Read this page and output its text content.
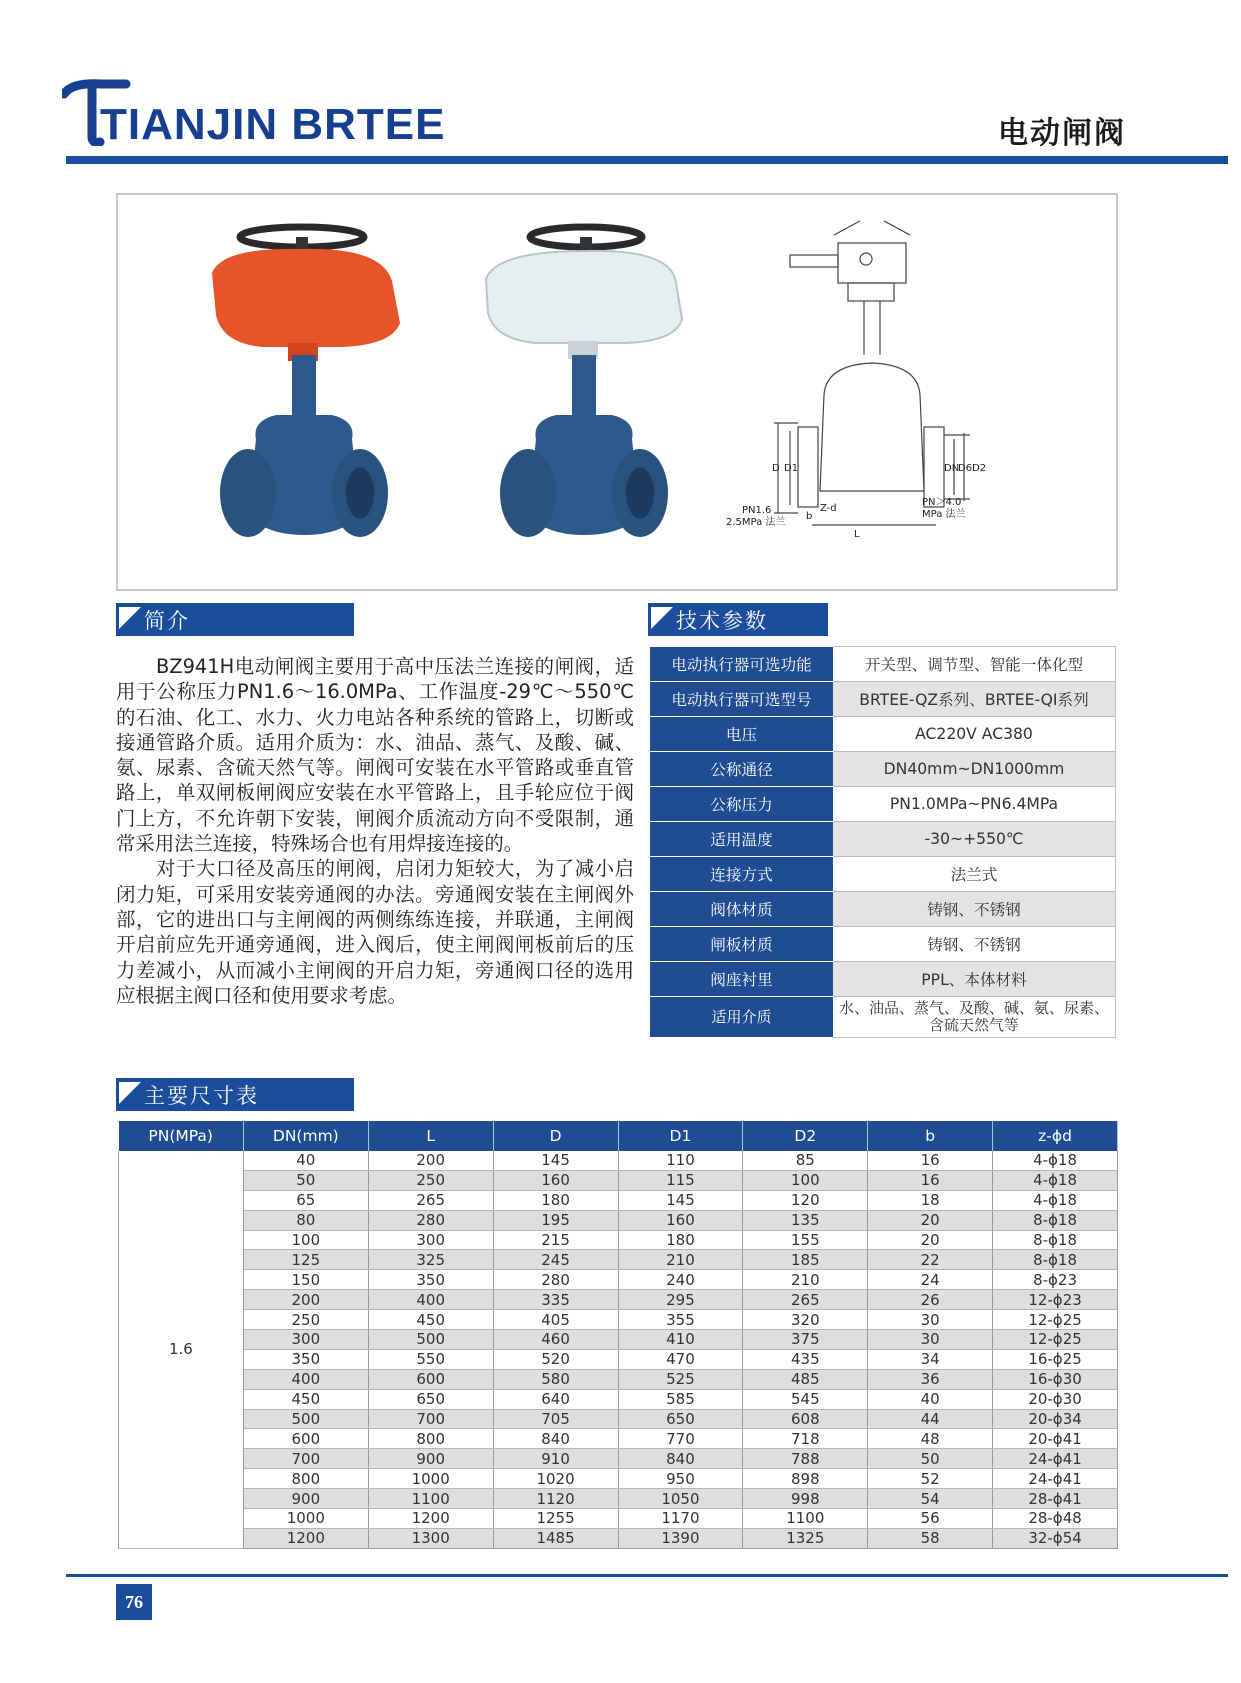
TIANJIN BRTEE	电动闸阀
PN1.6
2.5MPa 法兰
PN＞4.0
MPa 法兰
D D1	DN
D6 D2
b
Z-d
L
简介

BZ941H电动闸阀主要用于高中压法兰连接的闸阀，适用于公称压力PN1.6～16.0MPa、工作温度-29℃～550℃的石油、化工、水力、火力电站各种系统的管路上，切断或接通管路介质。适用介质为：水、油品、蒸气、及酸、碱、氨、尿素、含硫天然气等。闸阀可安装在水平管路或垂直管路上，单双闸板闸阀应安装在水平管路上，且手轮应位于阀门上方，不允许朝下安装，闸阀介质流动方向不受限制，通常采用法兰连接，特殊场合也有用焊接连接的。

对于大口径及高压的闸阀，启闭力矩较大，为了减小启闭力矩，可采用安装旁通阀的办法。旁通阀安装在主闸阀外部，它的进出口与主闸阀的两侧练练连接，并联通，主闸阀开启前应先开通旁通阀，进入阀后，使主闸阀闸板前后的压力差减小，从而减小主闸阀的开启力矩，旁通阀口径的选用应根据主阀口径和使用要求考虑。

技术参数
电动执行器可选功能	开关型、调节型、智能一体化型
电动执行器可选型号	BRTEE-QZ系列、BRTEE-QI系列
电压	AC220V AC380
公称通径	DN40mm~DN1000mm
公称压力	PN1.0MPa~PN6.4MPa
适用温度	-30~+550℃
连接方式	法兰式
阀体材质	铸钢、不锈钢
闸板材质	铸钢、不锈钢
阀座衬里	PPL、本体材料
适用介质	水、油品、蒸气、及酸、碱、氨、尿素、含硫天然气等
主要尺寸表
PN(MPa)	DN(mm)	L	D	D1	D2	b	z-ϕd
1.6	40	200	145	110	85	16	4-ϕ18
	50	250	160	115	100	16	4-ϕ18
	65	265	180	145	120	18	4-ϕ18
	80	280	195	160	135	20	8-ϕ18
	100	300	215	180	155	20	8-ϕ18
	125	325	245	210	185	22	8-ϕ18
	150	350	280	240	210	24	8-ϕ23
	200	400	335	295	265	26	12-ϕ23
	250	450	405	355	320	30	12-ϕ25
	300	500	460	410	375	30	12-ϕ25
	350	550	520	470	435	34	16-ϕ25
	400	600	580	525	485	36	16-ϕ30
	450	650	640	585	545	40	20-ϕ30
	500	700	705	650	608	44	20-ϕ34
	600	800	840	770	718	48	20-ϕ41
	700	900	910	840	788	50	24-ϕ41
	800	1000	1020	950	898	52	24-ϕ41
	900	1100	1120	1050	998	54	28-ϕ41
	1000	1200	1255	1170	1100	56	28-ϕ48
	1200	1300	1485	1390	1325	58	32-ϕ54
76
